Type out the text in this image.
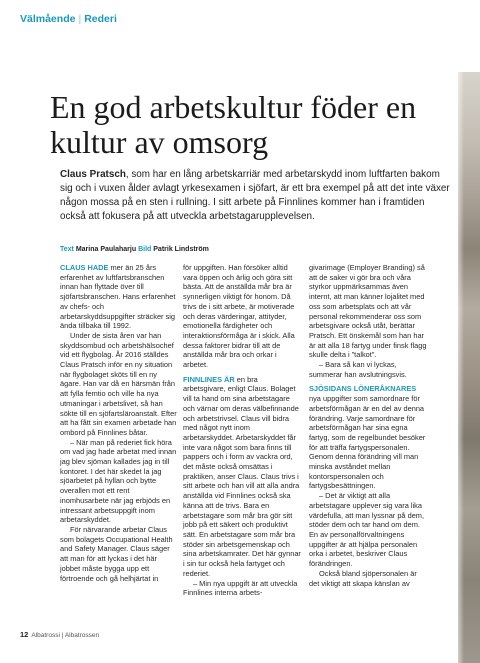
Välmående | Rederi
En god arbetskultur föder en kultur av omsorg

Claus Pratsch, som har en lång arbetskarriär med arbetarskydd inom luftfarten bakom sig och i vuxen ålder avlagt yrkesexamen i sjöfart, är ett bra exempel på att det inte växer någon mossa på en sten i rullning. I sitt arbete på Finnlines kommer han i framtiden också att fokusera på att utveckla arbetstagarupplevelsen.

Text Marina Paulaharju Bild Patrik Lindström

CLAUS HADE mer än 25 års erfarenhet av luftfartsbranschen innan han flyttade över till sjöfartsbranschen. Hans erfarenhet av chefs- och arbetarskyddsuppgifter sträcker sig ända tillbaka till 1992.

Under de sista åren var han skyddsombud och arbetshälsochef vid ett flygbolag. År 2016 ställdes Claus Pratsch inför en ny situation när flygbolaget sköts till en ny ägare. Han var då en härsmän från att fylla femtio och ville ha nya utmaningar i arbetslivet, så han sökte till en sjöfartsläroanstalt. Efter att ha fått sin examen arbetade han ombord på Finnlines båtar.

– När man på rederiet fick höra om vad jag hade arbetat med innan jag blev sjöman kallades jag in till kontoret. I det här skedet la jag sjöarbetet på hyllan och bytte overallen mot ett rent inomhusarbete när jag erbjöds en intressant arbetsuppgift inom arbetarskyddet.

För närvarande arbetar Claus som bolagets Occupational Health and Safety Manager. Claus säger att man för att lyckas i det här jobbet måste bygga upp ett förtroende och gå helhjärtat in

för uppgiften. Han försöker alltid vara öppen och ärlig och göra sitt bästa. Att de anställda mår bra är synnerligen viktigt för honom. Då trivs de i sitt arbete, är motiverade och deras värderingar, attityder, emotionella färdigheter och interaktionsförmåga är i skick. Alla dessa faktorer bidrar till att de anställda mår bra och orkar i arbetet.

FINNLINES ÄR en bra arbetsgivare, enligt Claus. Bolaget vill ta hand om sina arbetstagare och värnar om deras välbefinnande och arbetstrivsel. Claus vill bidra med något nytt inom arbetarskyddet. Arbetarskyddet får inte vara något som bara finns till pappers och i form av vackra ord, det måste också omsättas i praktiken, anser Claus. Claus trivs i sitt arbete och han vill att alla andra anställda vid Finnlines också ska känna att de trivs. Bara en arbetstagare som mår bra gör sitt jobb på ett säkert och produktivt sätt. En arbetstagare som mår bra stöder sin arbetsgemenskap och sina arbetskamrater. Det här gynnar i sin tur också hela fartyget och rederiet.

– Min nya uppgift är att utveckla Finnlines interna arbets-

givarimage (Employer Branding) så att de saker vi gör bra och våra styrkor uppmärksammas även internt, att man känner lojalitet med oss som arbetsplats och att vår personal rekommenderar oss som arbetsgivare också utåt, berättar Pratsch. Ett önskemål som han har är att alla 18 fartyg under finsk flagg skulle delta i ”talkot”.

– Bara så kan vi lyckas, summerar han avslutningsvis.

SJÖSIDANS LÖNERÅKNARES nya uppgifter som samordnare för arbetsförmågan är en del av denna förändring. Varje samordnare för arbetsförmågan har sina egna fartyg, som de regelbundet besöker för att träffa fartygspersonalen. Genom denna förändring vill man minska avståndet mellan kontorspersonalen och fartygsbesättningen.

– Det är viktigt att alla arbetstagare upplever sig vara lika värdefulla, att man lyssnar på dem, stöder dem och tar hand om dem. En av personalförvaltningens uppgifter är att hjälpa personalen orka i arbetet, beskriver Claus förändringen.

Också bland sjöpersonalen är det viktigt att skapa känslan av

12 Albatrossi | Albatrossen
